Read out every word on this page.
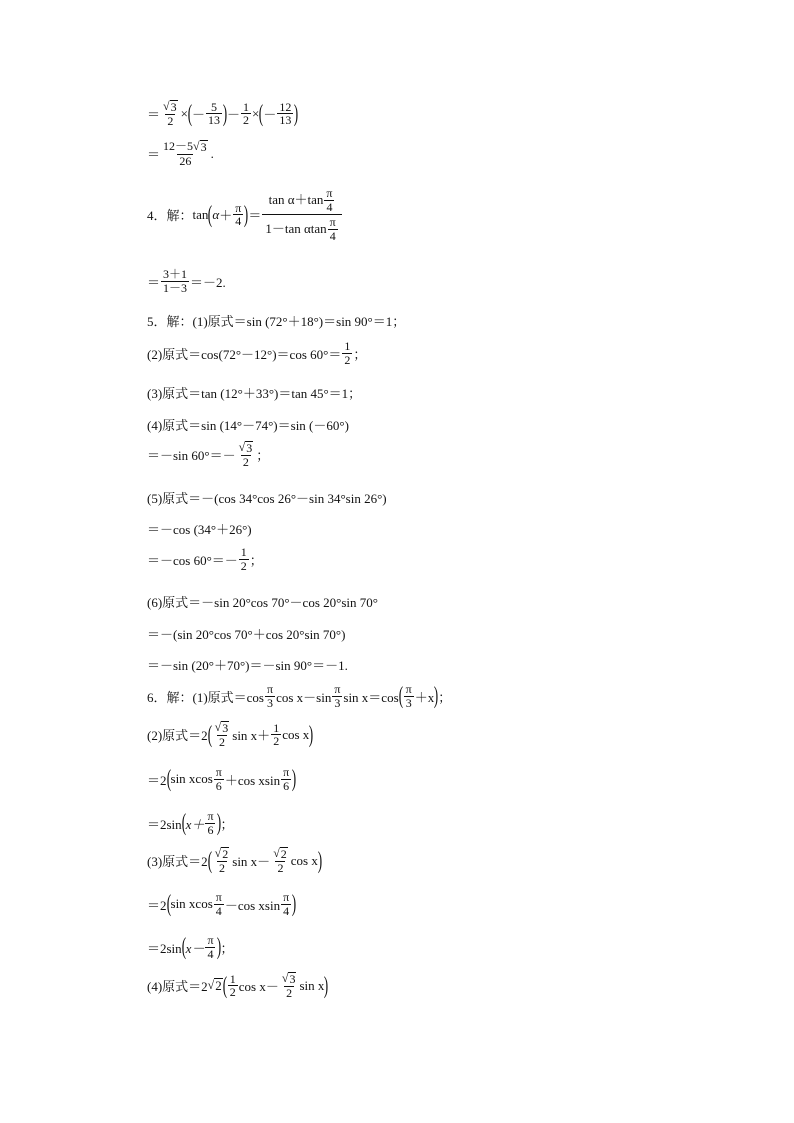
＝ $\frac{√ 3}{2}$ × ( － $\frac{5}{13}$ ) － $\frac{1}{2}$ × ( － $\frac{12}{13}$ )
＝ $\frac{12-5 √ 3}{26}$ .
4．解： tan ( $\alpha + \frac{\pi}{4}$ ) ＝ $\frac{\tan \alpha+\tan \frac{\pi}{4}}{1-\tan \alpha\tan \frac{\pi}{4}}$
＝ $\frac{3+1}{1-3} = -2$.
5．解：(1)原式＝sin (72°＋18°)＝sin 90°＝1；
(2)原式＝cos(72°－12°)＝cos $60^\circ= \frac{1}{2}$ ；
(3)原式＝tan (12°＋33°)＝tan 45°＝1；
(4)原式＝sin (14°－74°)＝sin (－60°)
＝－sin $60^\circ=- \frac{√ 3}{2}$ ；
(5)原式＝－(cos 34°cos 26°－sin 34°sin 26°)
＝－cos (34°＋26°)
＝－cos $60^\circ=- \frac{1}{2}$ ；
(6)原式＝－sin 20°cos 70°－cos 20°sin 70°
＝－(sin 20°cos 70°＋cos 20°sin 70°)
＝－sin (20°＋70°)＝－sin 90°＝－1.
6．解：(1)原式$=\cos \frac{\pi}{3}$ $\cos x-\sin \frac{\pi}{3}$ sin x＝cos ( $\frac{\pi}{3} +x$ ) ；
(2)原式＝2 ( $\frac{√ 3}{2}$ $\sin x+ \frac{1}{2}$ cos x )
＝2 ( sin xcos $\frac{\pi}{6} +\cos$ xsin $\frac{\pi}{6}$ )
＝2sin ( $x+ \frac{\pi}{6}$ ) ；
(3)原式＝2 ( $\frac{√ 2}{2}$ $\sin x- \frac{√ 2}{2}$ cos x )
＝2 ( sin xcos $\frac{\pi}{4} -\cos$ xsin $\frac{\pi}{4}$ )
＝2sin ( $x- \frac{\pi}{4}$ ) ；
(4)原式＝2 √ 2 ( $\frac{1}{2}$ $\cos x- \frac{√ 3}{2}$ sin x )
